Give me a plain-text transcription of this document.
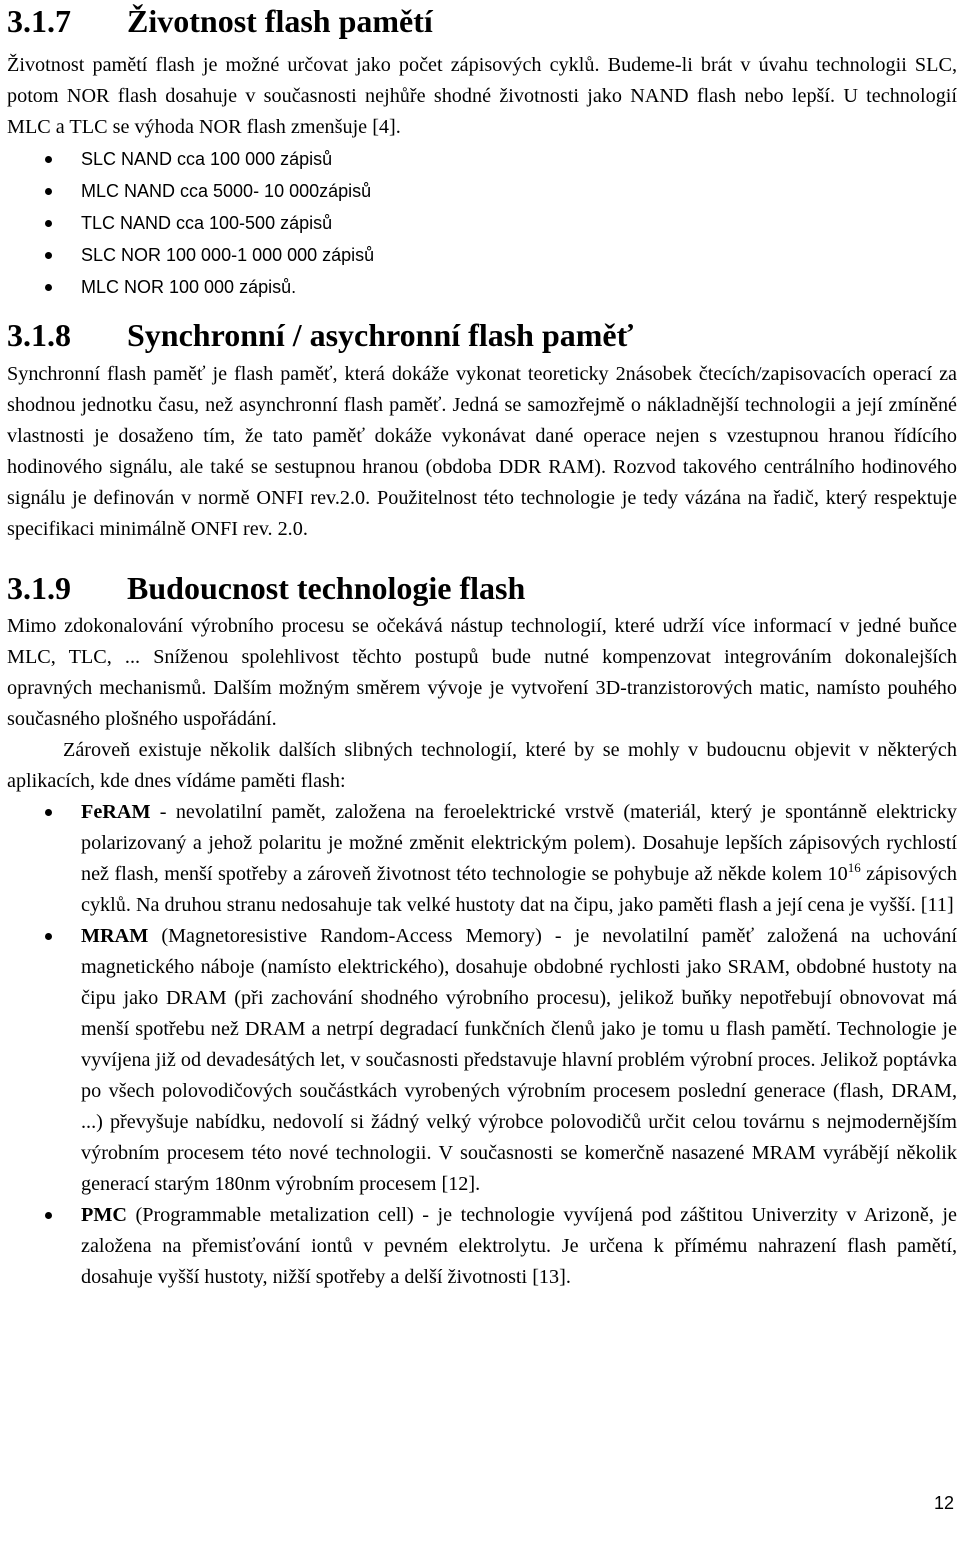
3.1.7 Životnost flash pamětí

Životnost pamětí flash je možné určovat jako počet zápisových cyklů. Budeme-li brát v úvahu technologii SLC, potom NOR flash dosahuje v současnosti nejhůře shodné životnosti jako NAND flash nebo lepší. U technologií MLC a TLC se výhoda NOR flash zmenšuje [4].

SLC NAND cca 100 000 zápisů
MLC NAND cca 5000- 10 000zápisů
TLC NAND cca 100-500 zápisů
SLC NOR 100 000-1 000 000 zápisů
MLC NOR 100 000 zápisů.
3.1.8 Synchronní / asychronní flash paměť

Synchronní flash paměť je flash paměť, která dokáže vykonat teoreticky 2násobek čtecích/zapisovacích operací za shodnou jednotku času, než asynchronní flash paměť. Jedná se samozřejmě o nákladnější technologii a její zmíněné vlastnosti je dosaženo tím, že tato paměť dokáže vykonávat dané operace nejen s vzestupnou hranou řídícího hodinového signálu, ale také se sestupnou hranou (obdoba DDR RAM). Rozvod takového centrálního hodinového signálu je definován v normě ONFI rev.2.0. Použitelnost této technologie je tedy vázána na řadič, který respektuje specifikaci minimálně ONFI rev. 2.0.

3.1.9 Budoucnost technologie flash

Mimo zdokonalování výrobního procesu se očekává nástup technologií, které udrží více informací v jedné buňce MLC, TLC, ... Sníženou spolehlivost těchto postupů bude nutné kompenzovat integrováním dokonalejších opravných mechanismů. Dalším možným směrem vývoje je vytvoření 3D-tranzistorových matic, namísto pouhého současného plošného uspořádání.

Zároveň existuje několik dalších slibných technologií, které by se mohly v budoucnu objevit v některých aplikacích, kde dnes vídáme paměti flash:

FeRAM - nevolatilní pamět, založena na feroelektrické vrstvě (materiál, který je spontánně elektricky polarizovaný a jehož polaritu je možné změnit elektrickým polem). Dosahuje lepších zápisových rychlostí než flash, menší spotřeby a zároveň životnost této technologie se pohybuje až někde kolem $10^{16}$ zápisových cyklů. Na druhou stranu nedosahuje tak velké hustoty dat na čipu, jako paměti flash a její cena je vyšší. [11]
MRAM (Magnetoresistive Random-Access Memory) - je nevolatilní paměť založená na uchování magnetického náboje (namísto elektrického), dosahuje obdobné rychlosti jako SRAM, obdobné hustoty na čipu jako DRAM (při zachování shodného výrobního procesu), jelikož buňky nepotřebují obnovovat má menší spotřebu než DRAM a netrpí degradací funkčních členů jako je tomu u flash pamětí. Technologie je vyvíjena již od devadesátých let, v současnosti představuje hlavní problém výrobní proces. Jelikož poptávka po všech polovodičových součástkách vyrobených výrobním procesem poslední generace (flash, DRAM, ...) převyšuje nabídku, nedovolí si žádný velký výrobce polovodičů určit celou továrnu s nejmodernějším výrobním procesem této nové technologii. V současnosti se komerčně nasazené MRAM vyrábějí několik generací starým 180nm výrobním procesem [12].
PMC (Programmable metalization cell) - je technologie vyvíjená pod záštitou Univerzity v Arizoně, je založena na přemisťování iontů v pevném elektrolytu. Je určena k přímému nahrazení flash pamětí, dosahuje vyšší hustoty, nižší spotřeby a delší životnosti [13].
12
